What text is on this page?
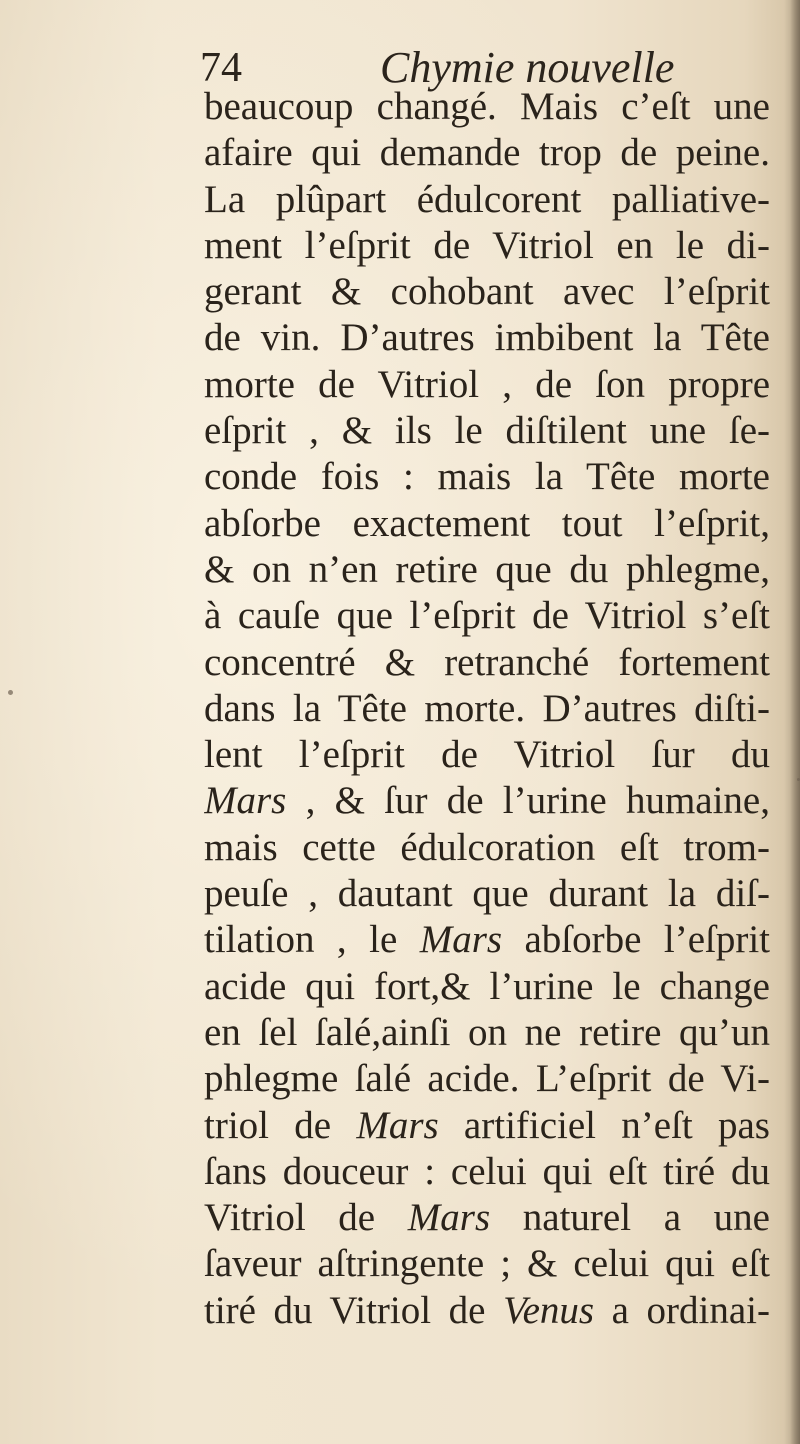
74	Chymie nouvelle
beaucoup changé. Mais c’eſt une
afaire qui demande trop de peine.
La plûpart édulcorent palliative-
ment l’eſprit de Vitriol en le di-
gerant & cohobant avec l’eſprit
de vin. D’autres imbibent la Tête
morte de Vitriol , de ſon propre
eſprit , & ils le diſtilent une ſe-
conde fois : mais la Tête morte
abſorbe exactement tout l’eſprit,
& on n’en retire que du phlegme,
à cauſe que l’eſprit de Vitriol s’eſt
concentré & retranché fortement
dans la Tête morte. D’autres diſti-
lent l’eſprit de Vitriol ſur du
Mars , & ſur de l’urine humaine,
mais cette édulcoration eſt trom-
peuſe , dautant que durant la diſ-
tilation , le Mars abſorbe l’eſprit
acide qui fort,& l’urine le change
en ſel ſalé,ainſi on ne retire qu’un
phlegme ſalé acide. L’eſprit de Vi-
triol de Mars artificiel n’eſt pas
ſans douceur : celui qui eſt tiré du
Vitriol de Mars naturel a une
ſaveur aſtringente ; & celui qui eſt
tiré du Vitriol de Venus a ordinai-
